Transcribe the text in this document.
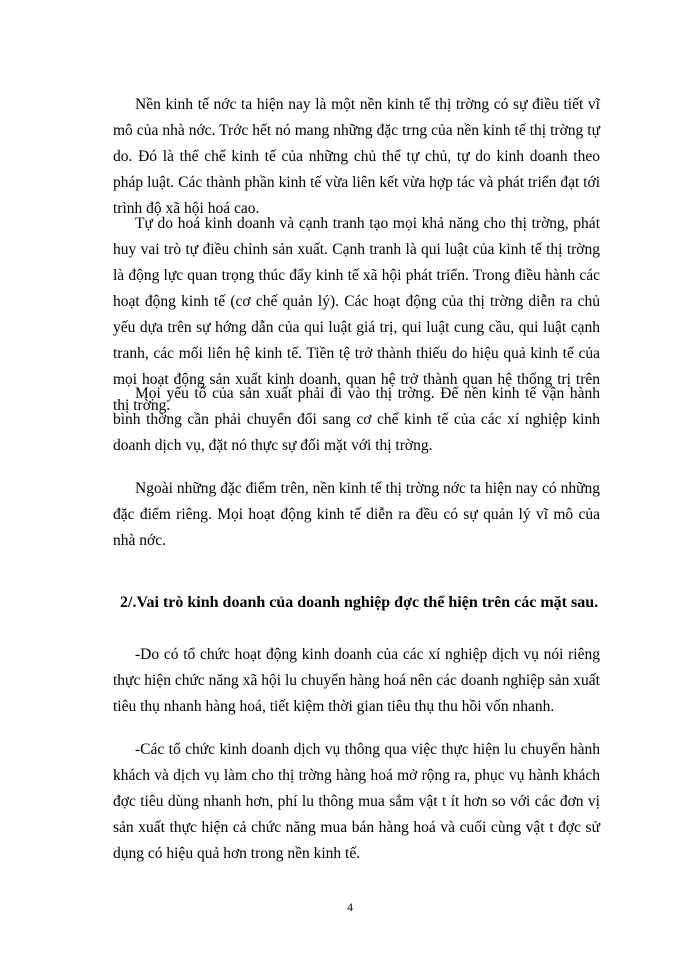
Nền kinh tế nớc ta hiện nay là một nền kinh tế thị trờng có sự điều tiết vĩ mô của nhà nớc. Trớc hết nó mang những đặc trng của nền kinh tế thị trờng tự do. Đó là thể chế kinh tế của những chủ thể tự chủ, tự do kinh doanh theo pháp luật. Các thành phần kinh tế vừa liên kết vừa hợp tác và phát triển đạt tới trình độ xã hội hoá cao.

Tự do hoá kinh doanh và cạnh tranh tạo mọi khả năng cho thị trờng, phát huy vai trò tự điều chỉnh sản xuất. Cạnh tranh là qui luật của kinh tế thị trờng là động lực quan trọng thúc đẩy kinh tế xã hội phát triển. Trong điều hành các hoạt động kinh tế (cơ chế quản lý). Các hoạt động của thị trờng diễn ra chủ yếu dựa trên sự hớng dẫn của qui luật giá trị, qui luật cung cầu, qui luật cạnh tranh, các mối liên hệ kinh tế. Tiền tệ trở thành thiếu do hiệu quả kinh tế của mọi hoạt động sản xuất kinh doanh, quan hệ trở thành quan hệ thống trị trên thị trờng.

Mọi yếu tố của sản xuất phải đi vào thị trờng. Để nền kinh tế vận hành bình thờng cần phải chuyển đổi sang cơ chế kinh tế của các xí nghiệp kinh doanh dịch vụ, đặt nó thực sự đối mặt với thị trờng.

Ngoài những đặc điểm trên, nền kinh tế thị trờng nớc ta hiện nay có những đặc điểm riêng. Mọi hoạt động kinh tế diễn ra đều có sự quản lý vĩ mô của nhà nớc.

2/.Vai trò kinh doanh của doanh nghiệp đợc thể hiện trên các mặt sau.

-Do có tổ chức hoạt động kinh doanh của các xí nghiệp dịch vụ nói riêng thực hiện chức năng xã hội lu chuyển hàng hoá nên các doanh nghiệp sản xuất tiêu thụ nhanh hàng hoá, tiết kiệm thời gian tiêu thụ thu hồi vốn nhanh.

-Các tổ chức kinh doanh dịch vụ thông qua việc thực hiện lu chuyển hành khách và dịch vụ làm cho thị trờng hàng hoá mở rộng ra, phục vụ hành khách đợc tiêu dùng nhanh hơn, phí lu thông mua sắm vật t ít hơn so với các đơn vị sản xuất thực hiện cả chức năng mua bán hàng hoá và cuối cùng vật t đợc sử dụng có hiệu quả hơn trong nền kinh tế.

4
